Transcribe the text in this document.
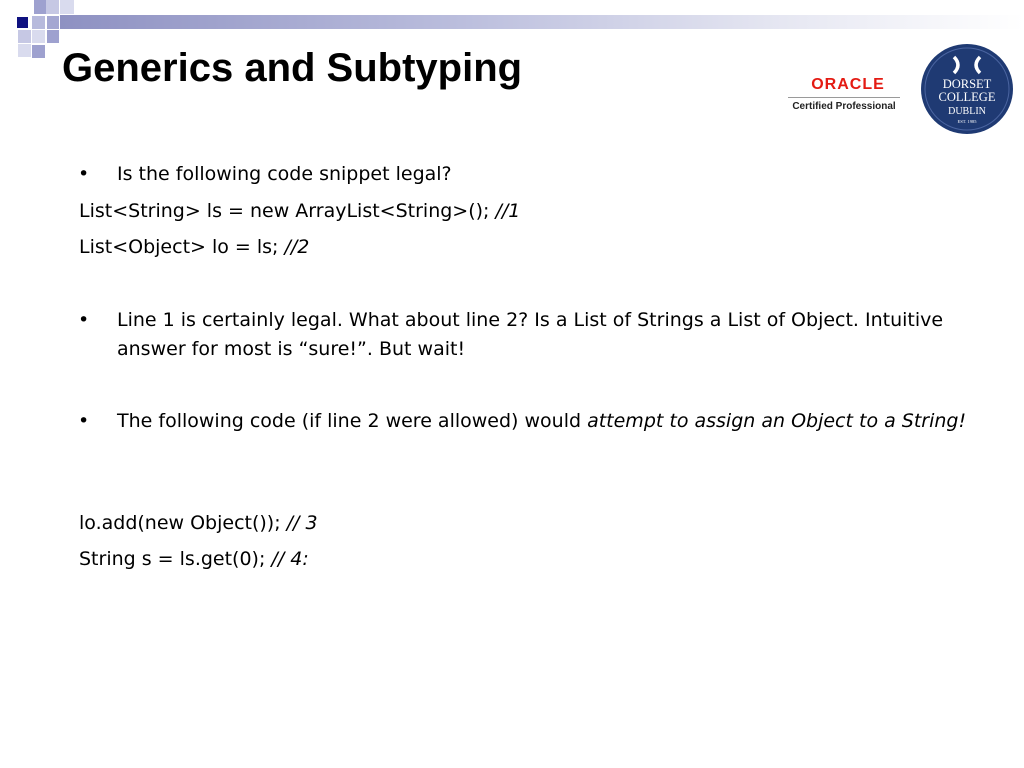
Generics and Subtyping	ORACLE
Certified Professional
DORSET
COLLEGE
DUBLIN
EST. 1985
• Is the following code snippet legal?
List<String> ls = new ArrayList<String>(); //1
List<Object> lo = ls; //2
• Line 1 is certainly legal. What about line 2? Is a List of Strings a List of Object. Intuitive answer for most is “sure!”. But wait!
• The following code (if line 2 were allowed) would attempt to assign an Object to a String!
lo.add(new Object()); // 3
String s = ls.get(0); // 4:
